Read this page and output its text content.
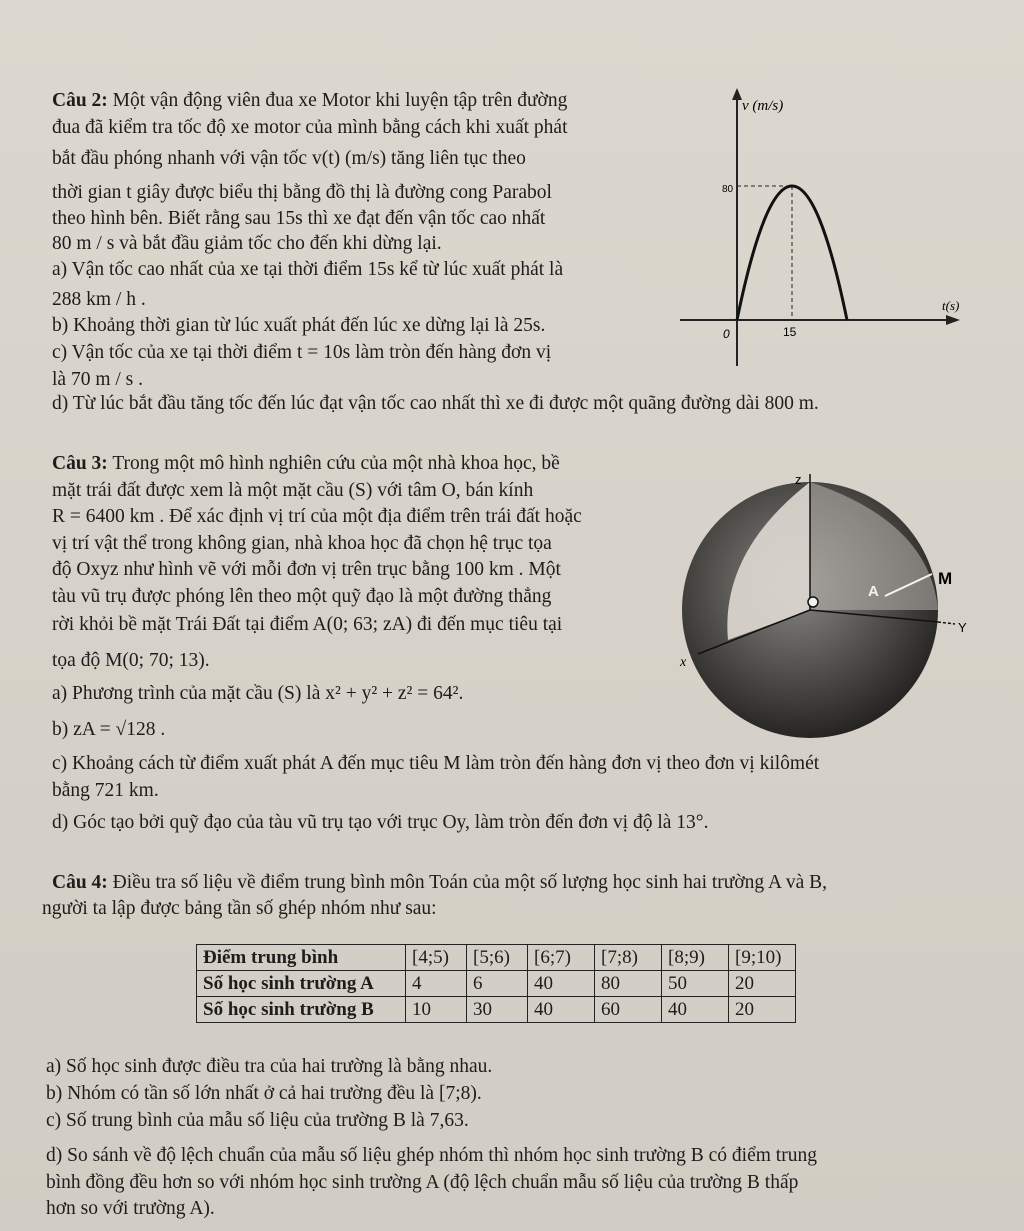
Câu 2: Một vận động viên đua xe Motor khi luyện tập trên đường
đua đã kiểm tra tốc độ xe motor của mình bằng cách khi xuất phát
bắt đầu phóng nhanh với vận tốc v(t) (m/s) tăng liên tục theo
thời gian t giây được biểu thị bằng đồ thị là đường cong Parabol
theo hình bên. Biết rằng sau 15s thì xe đạt đến vận tốc cao nhất
80 m / s và bắt đầu giảm tốc cho đến khi dừng lại.
a) Vận tốc cao nhất của xe tại thời điểm 15s kể từ lúc xuất phát là
288 km / h .
b) Khoảng thời gian từ lúc xuất phát đến lúc xe dừng lại là 25s.
c) Vận tốc của xe tại thời điểm t = 10s làm tròn đến hàng đơn vị
là 70 m / s .
d) Từ lúc bắt đầu tăng tốc đến lúc đạt vận tốc cao nhất thì xe đi được một quãng đường dài 800 m.
v (m/s)
t(s)
80
15
0
Câu 3: Trong một mô hình nghiên cứu của một nhà khoa học, bề
mặt trái đất được xem là một mặt cầu (S) với tâm O, bán kính
R = 6400 km . Để xác định vị trí của một địa điểm trên trái đất hoặc
vị trí vật thể trong không gian, nhà khoa học đã chọn hệ trục tọa
độ Oxyz như hình vẽ với mỗi đơn vị trên trục bằng 100 km . Một
tàu vũ trụ được phóng lên theo một quỹ đạo là một đường thẳng
rời khỏi bề mặt Trái Đất tại điểm A(0; 63; zA) đi đến mục tiêu tại
tọa độ M(0; 70; 13).
a) Phương trình của mặt cầu (S) là x² + y² + z² = 64².
b) zA = √128 .
c) Khoảng cách từ điểm xuất phát A đến mục tiêu M làm tròn đến hàng đơn vị theo đơn vị kilômét
bằng 721 km.
d) Góc tạo bởi quỹ đạo của tàu vũ trụ tạo với trục Oy, làm tròn đến đơn vị độ là 13°.
z
Y
x
A
M
Câu 4: Điều tra số liệu về điểm trung bình môn Toán của một số lượng học sinh hai trường A và B,
người ta lập được bảng tần số ghép nhóm như sau:
Điểm trung bình	[4;5)	[5;6)	[6;7)	[7;8)	[8;9)	[9;10)
Số học sinh trường A	4	6	40	80	50	20
Số học sinh trường B	10	30	40	60	40	20
a) Số học sinh được điều tra của hai trường là bằng nhau.
b) Nhóm có tần số lớn nhất ở cả hai trường đều là [7;8).
c) Số trung bình của mẫu số liệu của trường B là 7,63.
d) So sánh về độ lệch chuẩn của mẫu số liệu ghép nhóm thì nhóm học sinh trường B có điểm trung
bình đồng đều hơn so với nhóm học sinh trường A (độ lệch chuẩn mẫu số liệu của trường B thấp
hơn so với trường A).
